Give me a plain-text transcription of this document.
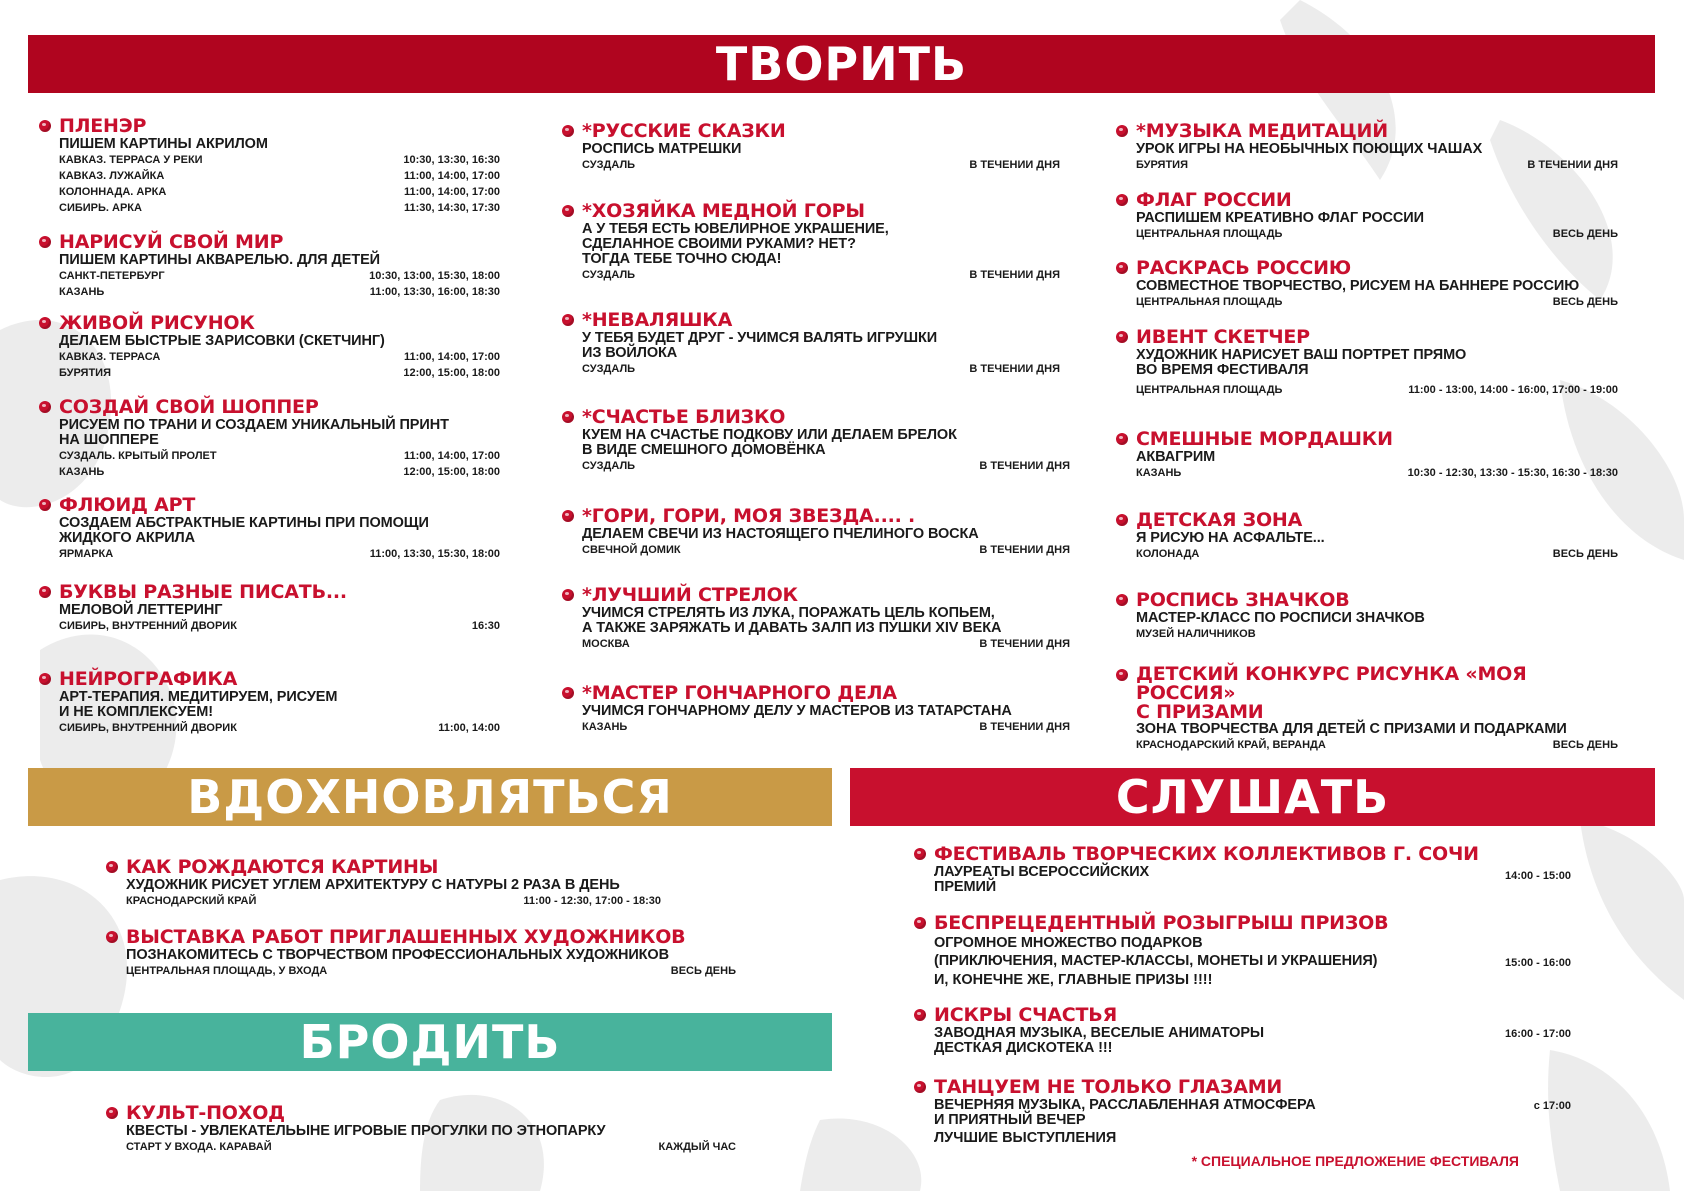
ТВОРИТЬ
ВДОХНОВЛЯТЬСЯ	СЛУШАТЬ
БРОДИТЬ
ПЛЕНЭР
ПИШЕМ КАРТИНЫ АКРИЛОМ
КАВКАЗ. ТЕРРАСА У РЕКИ	10:30, 13:30, 16:30
КАВКАЗ. ЛУЖАЙКА	11:00, 14:00, 17:00
КОЛОННАДА. АРКА	11:00, 14:00, 17:00
СИБИРЬ. АРКА	11:30, 14:30, 17:30
НАРИСУЙ СВОЙ МИР
ПИШЕМ КАРТИНЫ АКВАРЕЛЬЮ. ДЛЯ ДЕТЕЙ
САНКТ-ПЕТЕРБУРГ	10:30, 13:00, 15:30, 18:00
КАЗАНЬ	11:00, 13:30, 16:00, 18:30
ЖИВОЙ РИСУНОК
ДЕЛАЕМ БЫСТРЫЕ ЗАРИСОВКИ (СКЕТЧИНГ)
КАВКАЗ. ТЕРРАСА	11:00, 14:00, 17:00
БУРЯТИЯ	12:00, 15:00, 18:00
СОЗДАЙ СВОЙ ШОППЕР
РИСУЕМ ПО ТРАНИ И СОЗДАЕМ УНИКАЛЬНЫЙ ПРИНТ
НА ШОППЕРЕ
СУЗДАЛЬ. КРЫТЫЙ ПРОЛЕТ	11:00, 14:00, 17:00
КАЗАНЬ	12:00, 15:00, 18:00
ФЛЮИД АРТ
СОЗДАЕМ АБСТРАКТНЫЕ КАРТИНЫ ПРИ ПОМОЩИ
ЖИДКОГО АКРИЛА
ЯРМАРКА	11:00, 13:30, 15:30, 18:00
БУКВЫ РАЗНЫЕ ПИСАТЬ...
МЕЛОВОЙ ЛЕТТЕРИНГ
СИБИРЬ, ВНУТРЕННИЙ ДВОРИК	16:30
НЕЙРОГРАФИКА
АРТ-ТЕРАПИЯ. МЕДИТИРУЕМ, РИСУЕМ
И НЕ КОМПЛЕКСУЕМ!
СИБИРЬ, ВНУТРЕННИЙ ДВОРИК	11:00, 14:00
*РУССКИЕ СКАЗКИ
РОСПИСЬ МАТРЕШКИ
СУЗДАЛЬ	В ТЕЧЕНИИ ДНЯ
*ХОЗЯЙКА МЕДНОЙ ГОРЫ
А У ТЕБЯ ЕСТЬ ЮВЕЛИРНОЕ УКРАШЕНИЕ,
СДЕЛАННОЕ СВОИМИ РУКАМИ? НЕТ?
ТОГДА ТЕБЕ ТОЧНО СЮДА!
СУЗДАЛЬ	В ТЕЧЕНИИ ДНЯ
*НЕВАЛЯШКА
У ТЕБЯ БУДЕТ ДРУГ - УЧИМСЯ ВАЛЯТЬ ИГРУШКИ
ИЗ ВОЙЛОКА
СУЗДАЛЬ	В ТЕЧЕНИИ ДНЯ
*СЧАСТЬЕ БЛИЗКО
КУЕМ НА СЧАСТЬЕ ПОДКОВУ ИЛИ ДЕЛАЕМ БРЕЛОК
В ВИДЕ СМЕШНОГО ДОМОВЁНКА
СУЗДАЛЬ	В ТЕЧЕНИИ ДНЯ
*ГОРИ, ГОРИ, МОЯ ЗВЕЗДА.... .
ДЕЛАЕМ СВЕЧИ ИЗ НАСТОЯЩЕГО ПЧЕЛИНОГО ВОСКА
СВЕЧНОЙ ДОМИК	В ТЕЧЕНИИ ДНЯ
*ЛУЧШИЙ СТРЕЛОК
УЧИМСЯ СТРЕЛЯТЬ ИЗ ЛУКА, ПОРАЖАТЬ ЦЕЛЬ КОПЬЕМ,
А ТАКЖЕ ЗАРЯЖАТЬ И ДАВАТЬ ЗАЛП ИЗ ПУШКИ XIV ВЕКА
МОСКВА	В ТЕЧЕНИИ ДНЯ
*МАСТЕР ГОНЧАРНОГО ДЕЛА
УЧИМСЯ ГОНЧАРНОМУ ДЕЛУ У МАСТЕРОВ ИЗ ТАТАРСТАНА
КАЗАНЬ	В ТЕЧЕНИИ ДНЯ
*МУЗЫКА МЕДИТАЦИЙ
УРОК ИГРЫ НА НЕОБЫЧНЫХ ПОЮЩИХ ЧАШАХ
БУРЯТИЯ	В ТЕЧЕНИИ ДНЯ
ФЛАГ РОССИИ
РАСПИШЕМ КРЕАТИВНО ФЛАГ РОССИИ
ЦЕНТРАЛЬНАЯ ПЛОЩАДЬ	ВЕСЬ ДЕНЬ
РАСКРАСЬ РОССИЮ
СОВМЕСТНОЕ ТВОРЧЕСТВО, РИСУЕМ НА БАННЕРЕ РОССИЮ
ЦЕНТРАЛЬНАЯ ПЛОЩАДЬ	ВЕСЬ ДЕНЬ
ИВЕНТ СКЕТЧЕР
ХУДОЖНИК НАРИСУЕТ ВАШ ПОРТРЕТ ПРЯМО
ВО ВРЕМЯ ФЕСТИВАЛЯ
ЦЕНТРАЛЬНАЯ ПЛОЩАДЬ	11:00 - 13:00, 14:00 - 16:00, 17:00 - 19:00
СМЕШНЫЕ МОРДАШКИ
АКВАГРИМ
КАЗАНЬ	10:30 - 12:30, 13:30 - 15:30, 16:30 - 18:30
ДЕТСКАЯ ЗОНА
Я РИСУЮ НА АСФАЛЬТЕ...
КОЛОНАДА	ВЕСЬ ДЕНЬ
РОСПИСЬ ЗНАЧКОВ
МАСТЕР-КЛАСС ПО РОСПИСИ ЗНАЧКОВ
МУЗЕЙ НАЛИЧНИКОВ
ДЕТСКИЙ КОНКУРС РИСУНКА «МОЯ РОССИЯ»
С ПРИЗАМИ
ЗОНА ТВОРЧЕСТВА ДЛЯ ДЕТЕЙ С ПРИЗАМИ И ПОДАРКАМИ
КРАСНОДАРСКИЙ КРАЙ, ВЕРАНДА	ВЕСЬ ДЕНЬ
КАК РОЖДАЮТСЯ КАРТИНЫ
ХУДОЖНИК РИСУЕТ УГЛЕМ АРХИТЕКТУРУ С НАТУРЫ 2 РАЗА В ДЕНЬ
КРАСНОДАРСКИЙ КРАЙ	11:00 - 12:30, 17:00 - 18:30
ВЫСТАВКА РАБОТ ПРИГЛАШЕННЫХ ХУДОЖНИКОВ
ПОЗНАКОМИТЕСЬ С ТВОРЧЕСТВОМ ПРОФЕССИОНАЛЬНЫХ ХУДОЖНИКОВ
ЦЕНТРАЛЬНАЯ ПЛОЩАДЬ, У ВХОДА	ВЕСЬ ДЕНЬ
КУЛЬТ-ПОХОД
КВЕСТЫ - УВЛЕКАТЕЛЬЫНЕ ИГРОВЫЕ ПРОГУЛКИ ПО ЭТНОПАРКУ
СТАРТ У ВХОДА. КАРАВАЙ	КАЖДЫЙ ЧАС
ФЕСТИВАЛЬ ТВОРЧЕСКИХ КОЛЛЕКТИВОВ Г. СОЧИ
ЛАУРЕАТЫ ВСЕРОССИЙСКИХ
ПРЕМИЙ
14:00 - 15:00
БЕСПРЕЦЕДЕНТНЫЙ РОЗЫГРЫШ ПРИЗОВ
ОГРОМНОЕ МНОЖЕСТВО ПОДАРКОВ
(ПРИКЛЮЧЕНИЯ, МАСТЕР-КЛАССЫ, МОНЕТЫ И УКРАШЕНИЯ)
И, КОНЕЧНЕ ЖЕ, ГЛАВНЫЕ ПРИЗЫ !!!!
15:00 - 16:00
ИСКРЫ СЧАСТЬЯ
ЗАВОДНАЯ МУЗЫКА, ВЕСЕЛЫЕ АНИМАТОРЫ
ДЕСТКАЯ ДИСКОТЕКА !!!
16:00 - 17:00
ТАНЦУЕМ НЕ ТОЛЬКО ГЛАЗАМИ
ВЕЧЕРНЯЯ МУЗЫКА, РАССЛАБЛЕННАЯ АТМОСФЕРА
И ПРИЯТНЫЙ ВЕЧЕР
ЛУЧШИЕ ВЫСТУПЛЕНИЯ
с 17:00
* СПЕЦИАЛЬНОЕ ПРЕДЛОЖЕНИЕ ФЕСТИВАЛЯ
